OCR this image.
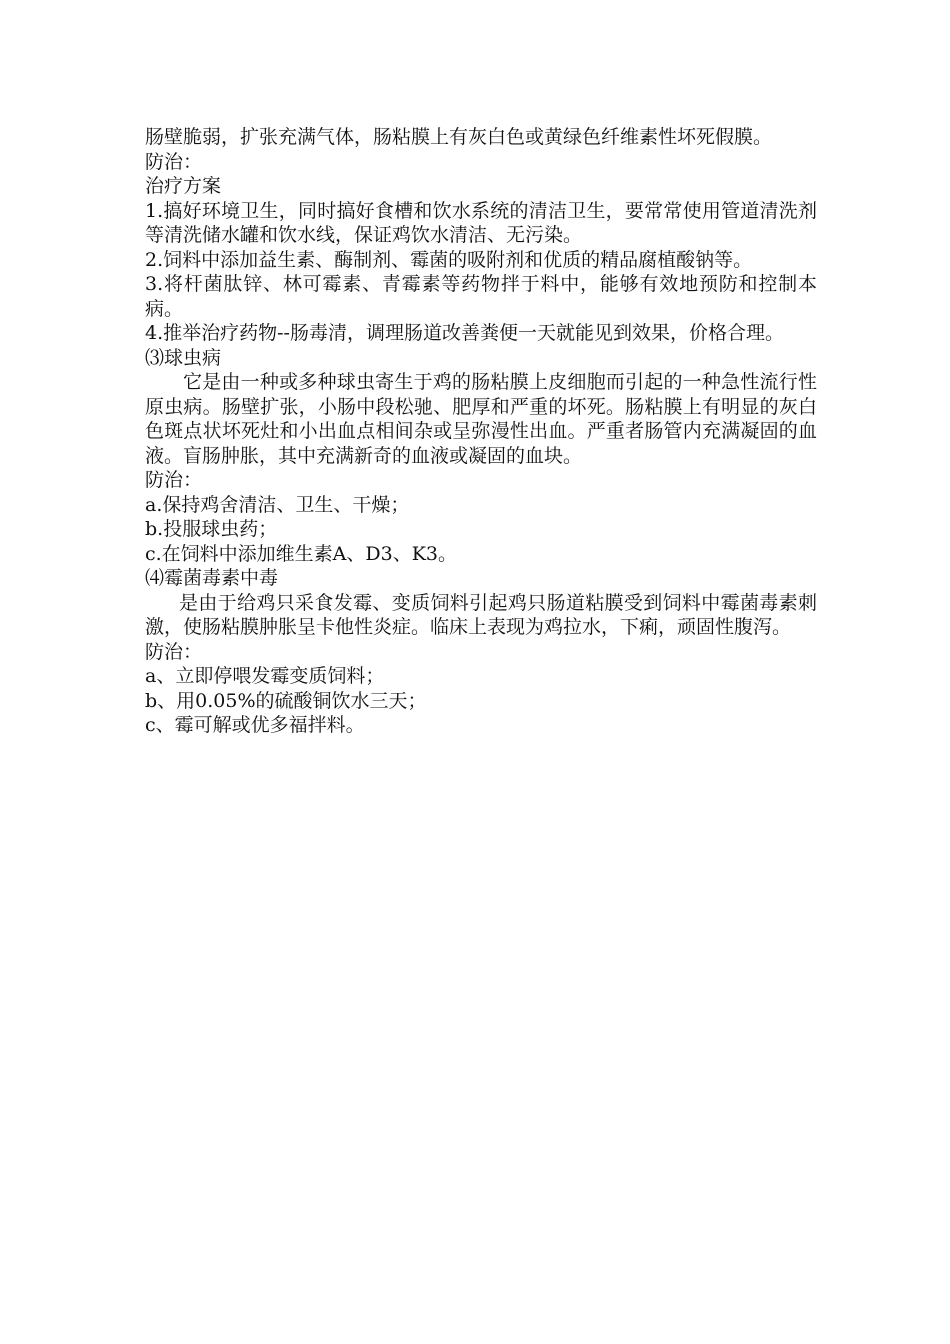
肠壁脆弱，扩张充满气体，肠粘膜上有灰白色或黄绿色纤维素性坏死假膜。

防治：

治疗方案

1.搞好环境卫生，同时搞好食槽和饮水系统的清洁卫生，要常常使用管道清洗剂等清洗储水罐和饮水线，保证鸡饮水清洁、无污染。

2.饲料中添加益生素、酶制剂、霉菌的吸附剂和优质的精品腐植酸钠等。

3.将杆菌肽锌、林可霉素、青霉素等药物拌于料中，能够有效地预防和控制本病。

4.推举治疗药物--肠毒清，调理肠道改善粪便一天就能见到效果，价格合理。

⑶球虫病

它是由一种或多种球虫寄生于鸡的肠粘膜上皮细胞而引起的一种急性流行性原虫病。肠壁扩张，小肠中段松驰、肥厚和严重的坏死。肠粘膜上有明显的灰白色斑点状坏死灶和小出血点相间杂或呈弥漫性出血。严重者肠管内充满凝固的血液。盲肠肿胀，其中充满新奇的血液或凝固的血块。

防治：

a.保持鸡舍清洁、卫生、干燥；

b.投服球虫药；

c.在饲料中添加维生素A、D3、K3。

⑷霉菌毒素中毒

是由于给鸡只采食发霉、变质饲料引起鸡只肠道粘膜受到饲料中霉菌毒素刺激，使肠粘膜肿胀呈卡他性炎症。临床上表现为鸡拉水，下痢，顽固性腹泻。

防治：

a、立即停喂发霉变质饲料；

b、用0.05%的硫酸铜饮水三天；

c、霉可解或优多福拌料。
